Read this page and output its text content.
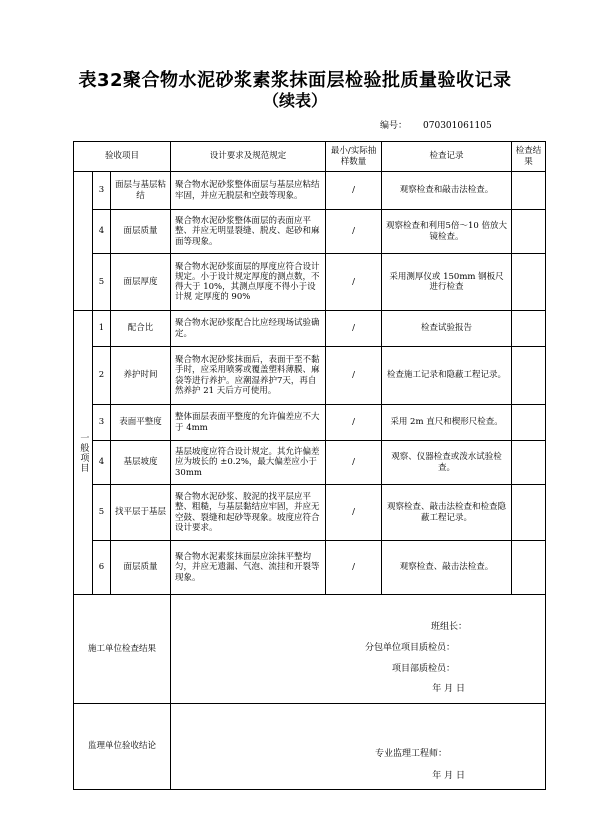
表32聚合物水泥砂浆素浆抹面层检验批质量验收记录
（续表）
编号： 070301061105
验收项目			设计要求及规范规定	最小/实际抽样数量	检查记录	检查结果
	3	面层与基层粘结	聚合物水泥砂浆整体面层与基层应粘结牢固，并应无脱层和空鼓等现象。	/	观察检查和敲击法检查。	
	4	面层质量	聚合物水泥砂浆整体面层的表面应平整、并应无明显裂缝、脱皮、起砂和麻面等现象。	/	观察检查和利用5倍～10 倍放大镜检查。	
	5	面层厚度	聚合物水泥砂浆面层的厚度应符合设计规定。小于设计规定厚度的测点数，不得大于 10%，其测点厚度不得小于设计规 定厚度的 90%	/	采用测厚仪或 150mm 钢板尺进行检查	

一般项目	1	配合比	聚合物水泥砂浆配合比应经现场试验确定。	/	检查试验报告	
	2	养护时间	聚合物水泥砂浆抹面后，表面干至不黏手时，应采用喷雾或覆盖塑料薄膜、麻袋等进行养护。应潮湿养护7天，再自然养护 21 天后方可使用。	/	检查施工记录和隐蔽工程记录。	
	3	表面平整度	整体面层表面平整度的允许偏差应不大于 4mm	/	采用 2m 直尺和楔形尺检查。	
	4	基层坡度	基层坡度应符合设计规定。其允许偏差应为坡长的 ±0.2%，最大偏差应小于 30mm	/	观察、仪器检查或泼水试验检查。	
	5	找平层于基层	聚合物水泥砂浆、胶泥的找平层应平整、粗糙，与基层黏结应牢固，并应无空鼓、裂缝和起砂等现象。坡度应符合设计要求。	/	观察检查、敲击法检查和检查隐蔽工程记录。	
	6	面层质量	聚合物水泥素浆抹面层应涂抹平整均匀，并应无遗漏、气泡、流挂和开裂等现象。	/	观察检查、敲击法检查。	
施工单位检查结果			班组长：
分包单位项目质检员：
项目部质检员：
年 月 日			

监理单位验收结论			专业监理工程师：
年 月 日			
